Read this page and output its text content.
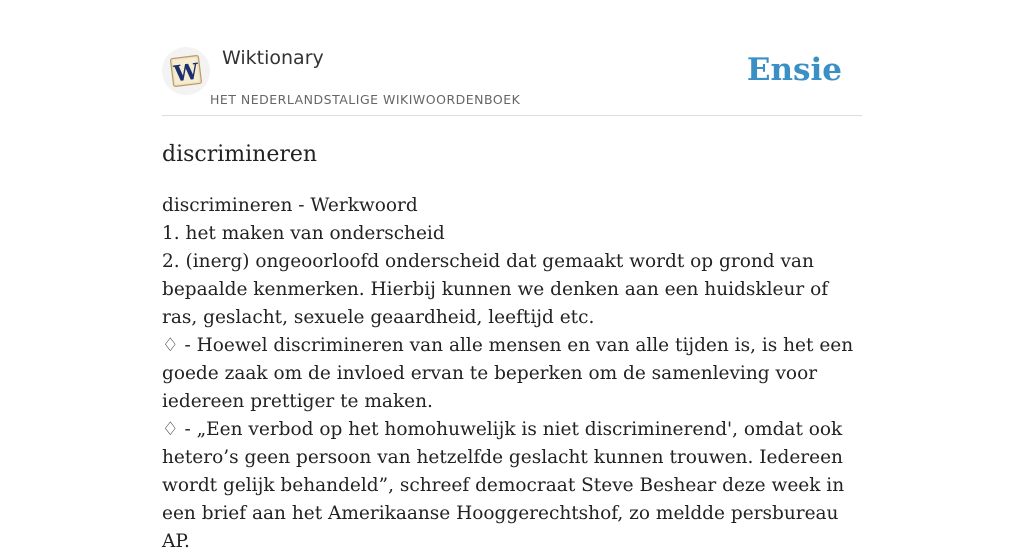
W
Wiktionary
HET NEDERLANDSTALIGE WIKIWOORDENBOEK
Ensie
discrimineren

discrimineren - Werkwoord

1. het maken van onderscheid

2. (inerg) ongeoorloofd onderscheid dat gemaakt wordt op grond van bepaalde kenmerken. Hierbij kunnen we denken aan een huidskleur of ras, geslacht, sexuele geaardheid, leeftijd etc.

♢ - Hoewel discrimineren van alle mensen en van alle tijden is, is het een goede zaak om de invloed ervan te beperken om de samenleving voor iedereen prettiger te maken.

♢ - „Een verbod op het homohuwelijk is niet discriminerend', omdat ook hetero’s geen persoon van hetzelfde geslacht kunnen trouwen. Iedereen wordt gelijk behandeld”, schreef democraat Steve Beshear deze week in een brief aan het Amerikaanse Hooggerechtshof, zo meldde persbureau AP.
